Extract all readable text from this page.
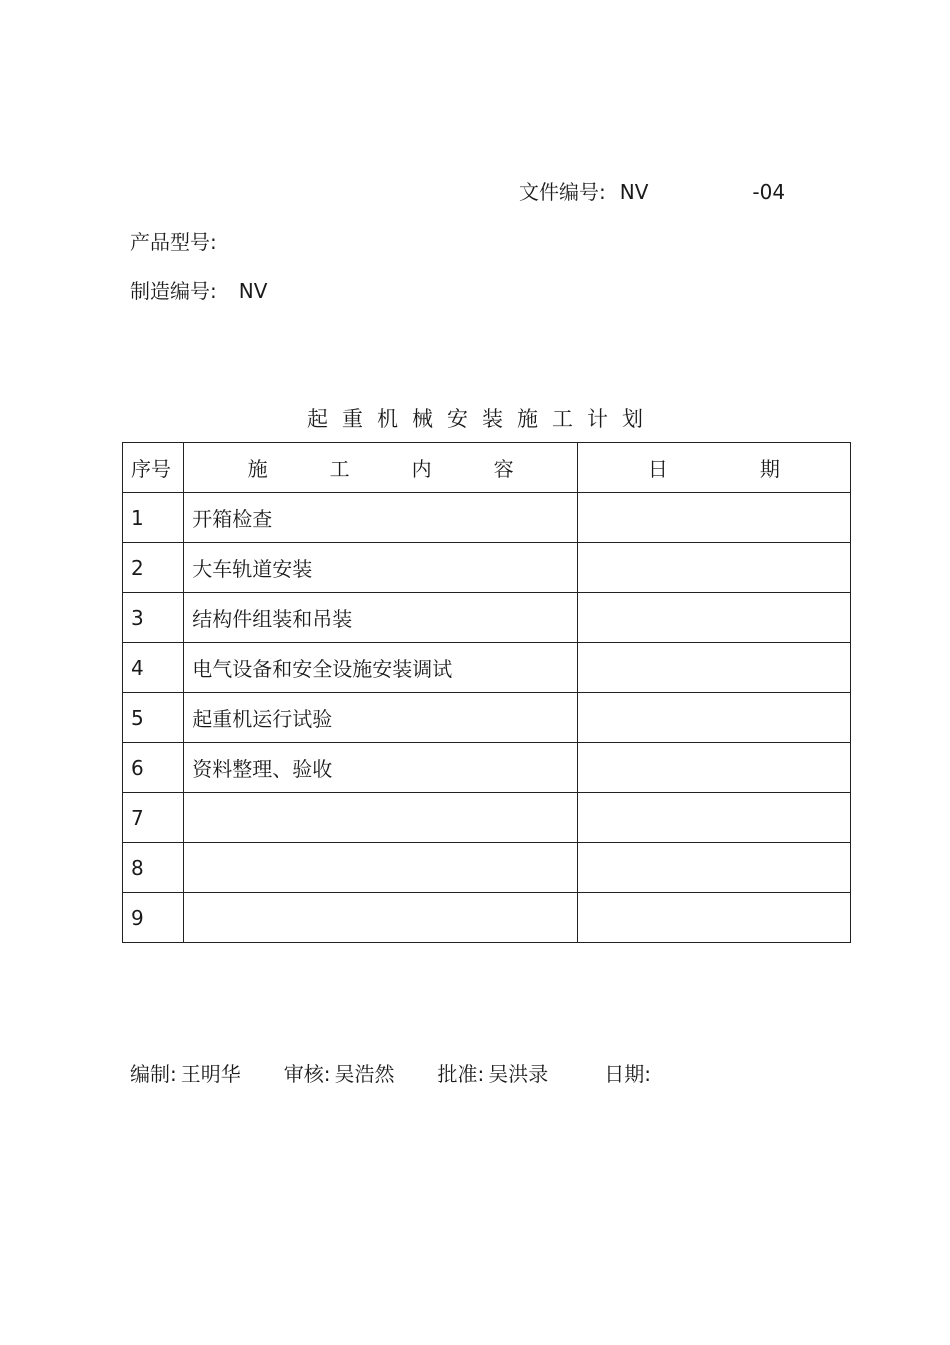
文件编号: NV	-04
产品型号:
制造编号: NV
起重机械安装施工计划
序号	施 工 内 容	日 期
1	开箱检查	
2	大车轨道安装	
3	结构件组装和吊装	
4	电气设备和安全设施安装调试	
5	起重机运行试验	
6	资料整理、验收	
7		
8		
9		
编制: 王明华 审核: 吴浩然 批准: 吴洪录	日期:
